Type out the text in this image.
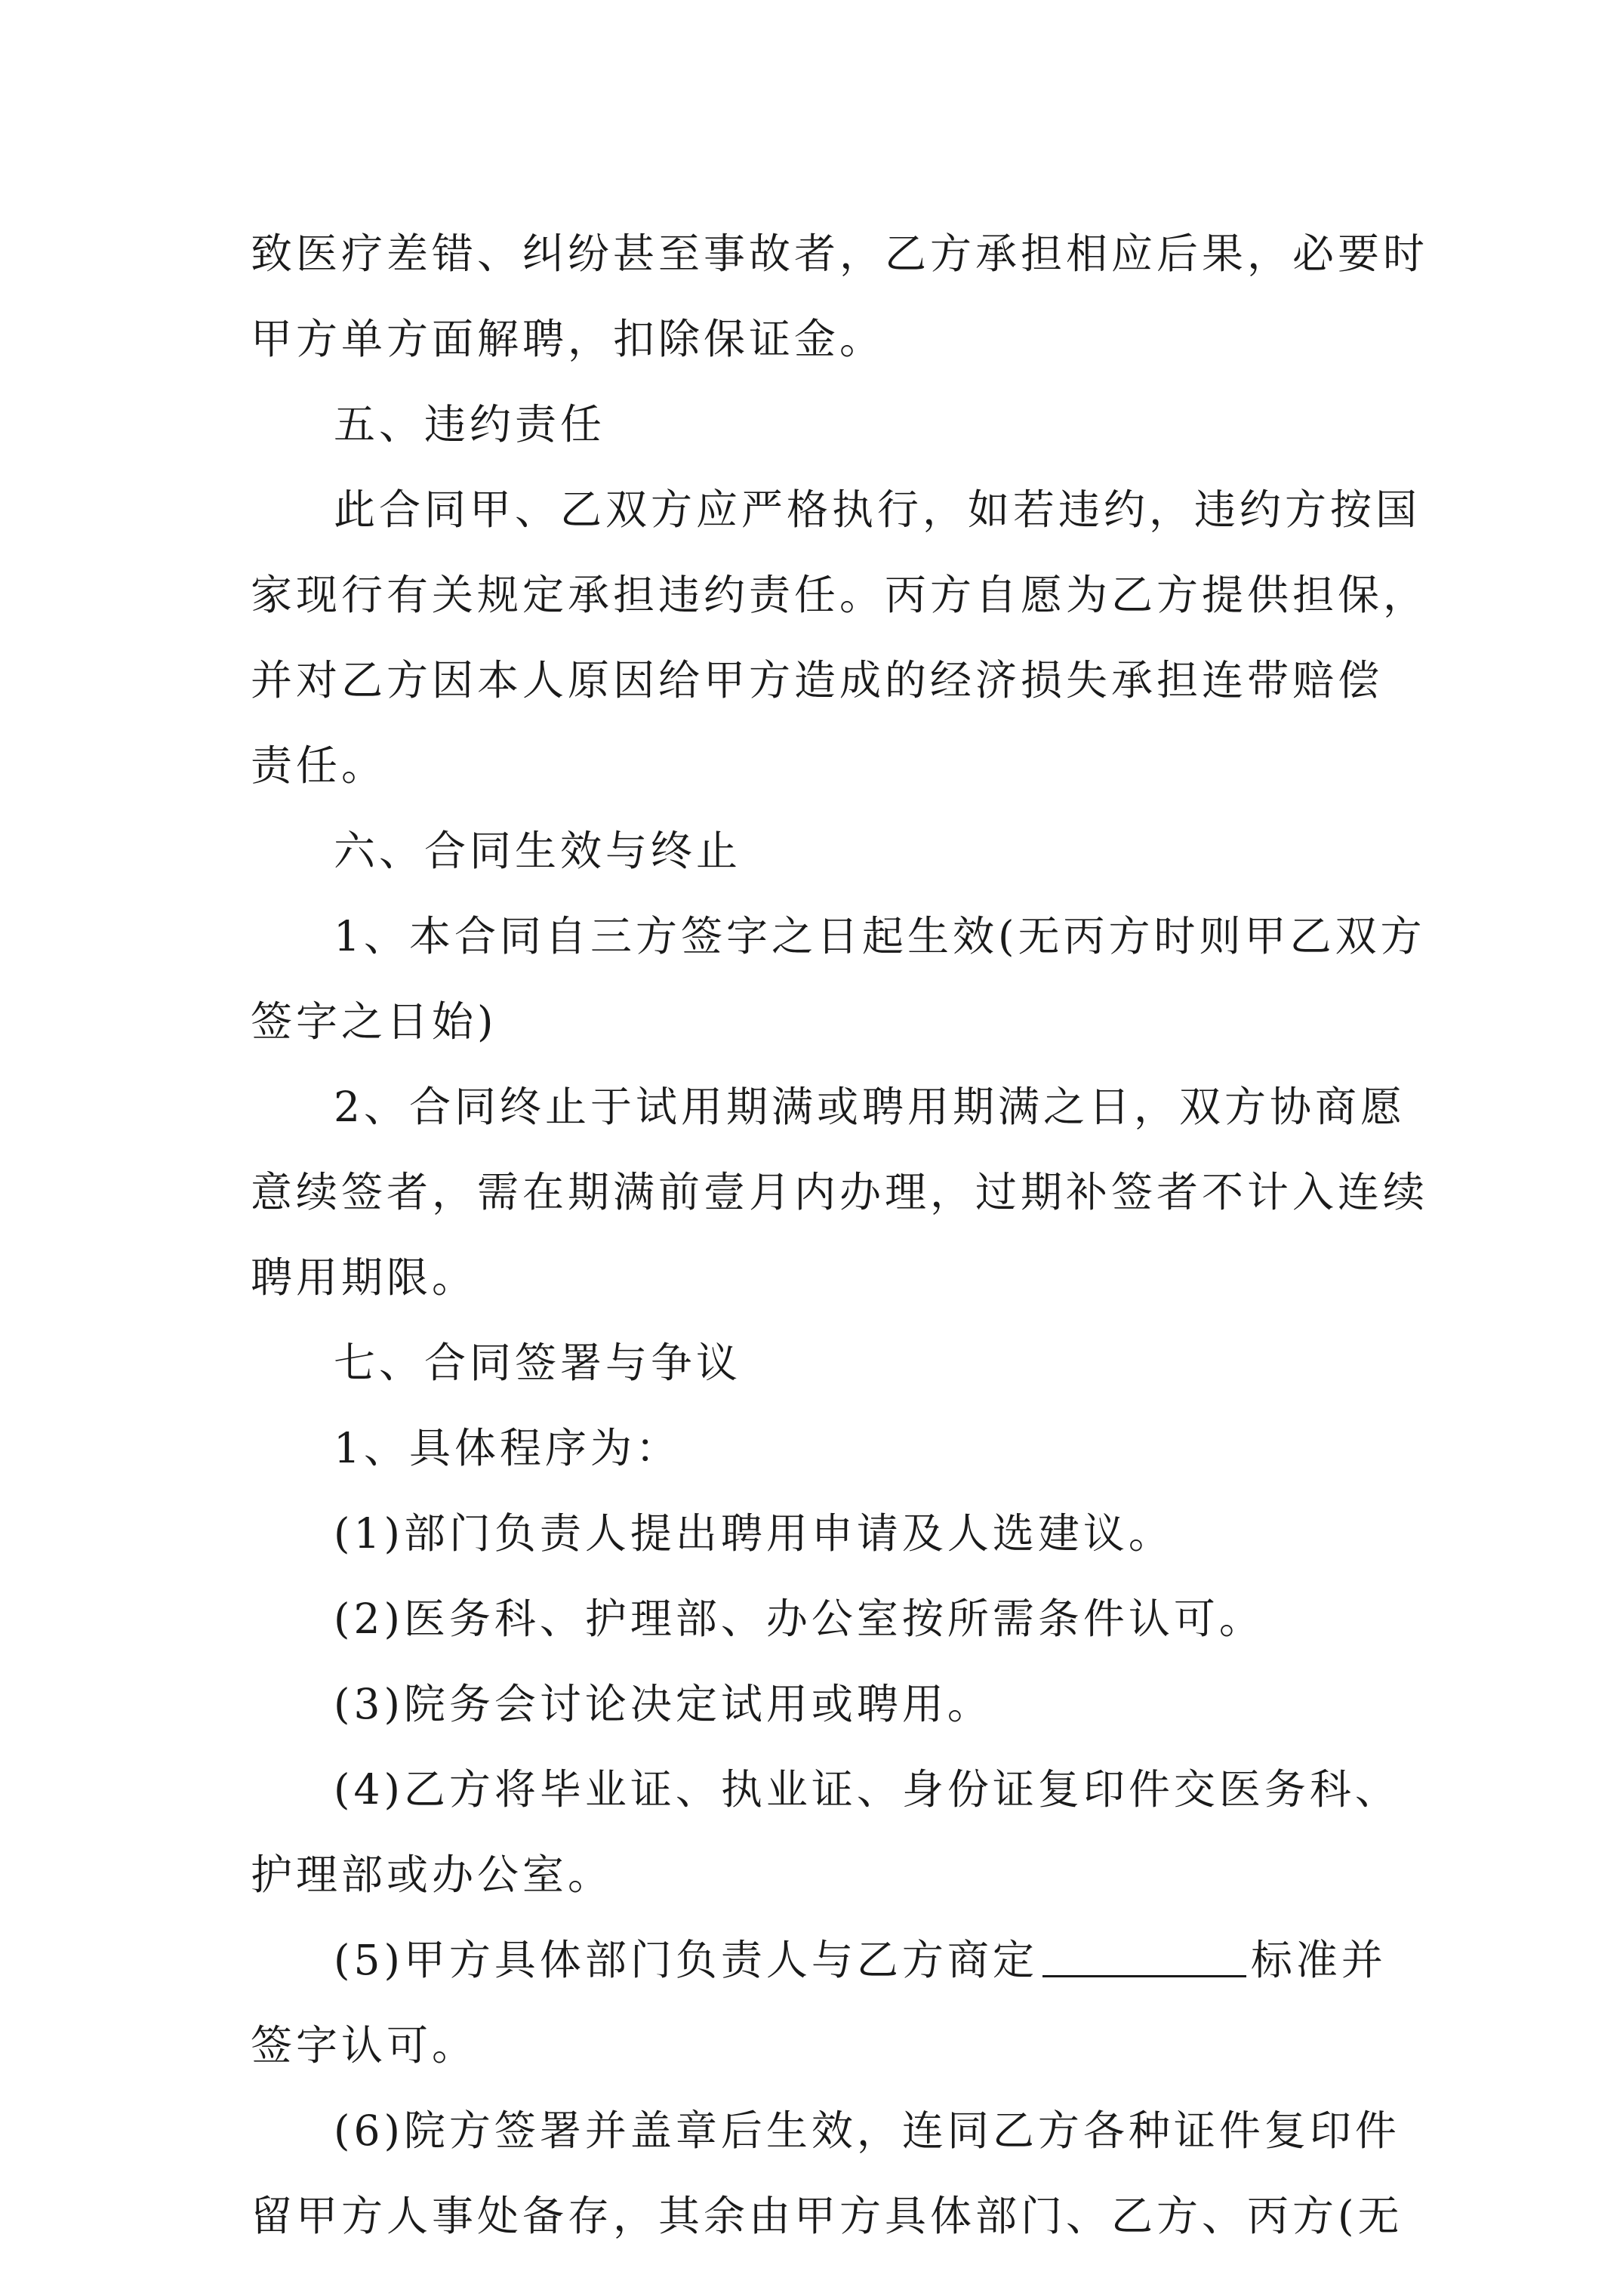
致医疗差错、纠纷甚至事故者，乙方承担相应后果，必要时
甲方单方面解聘，扣除保证金。
五、违约责任
此合同甲、乙双方应严格执行，如若违约，违约方按国
家现行有关规定承担违约责任。丙方自愿为乙方提供担保，
并对乙方因本人原因给甲方造成的经济损失承担连带赔偿
责任。
六、合同生效与终止
1、本合同自三方签字之日起生效(无丙方时则甲乙双方
签字之日始)
2、合同终止于试用期满或聘用期满之日，双方协商愿
意续签者，需在期满前壹月内办理，过期补签者不计入连续
聘用期限。
七、合同签署与争议
1、具体程序为：
(1)部门负责人提出聘用申请及人选建议。
(2)医务科、护理部、办公室按所需条件认可。
(3)院务会讨论决定试用或聘用。
(4)乙方将毕业证、执业证、身份证复印件交医务科、
护理部或办公室。
(5)甲方具体部门负责人与乙方商定	标准并
签字认可。
(6)院方签署并盖章后生效，连同乙方各种证件复印件
留甲方人事处备存，其余由甲方具体部门、乙方、丙方(无
